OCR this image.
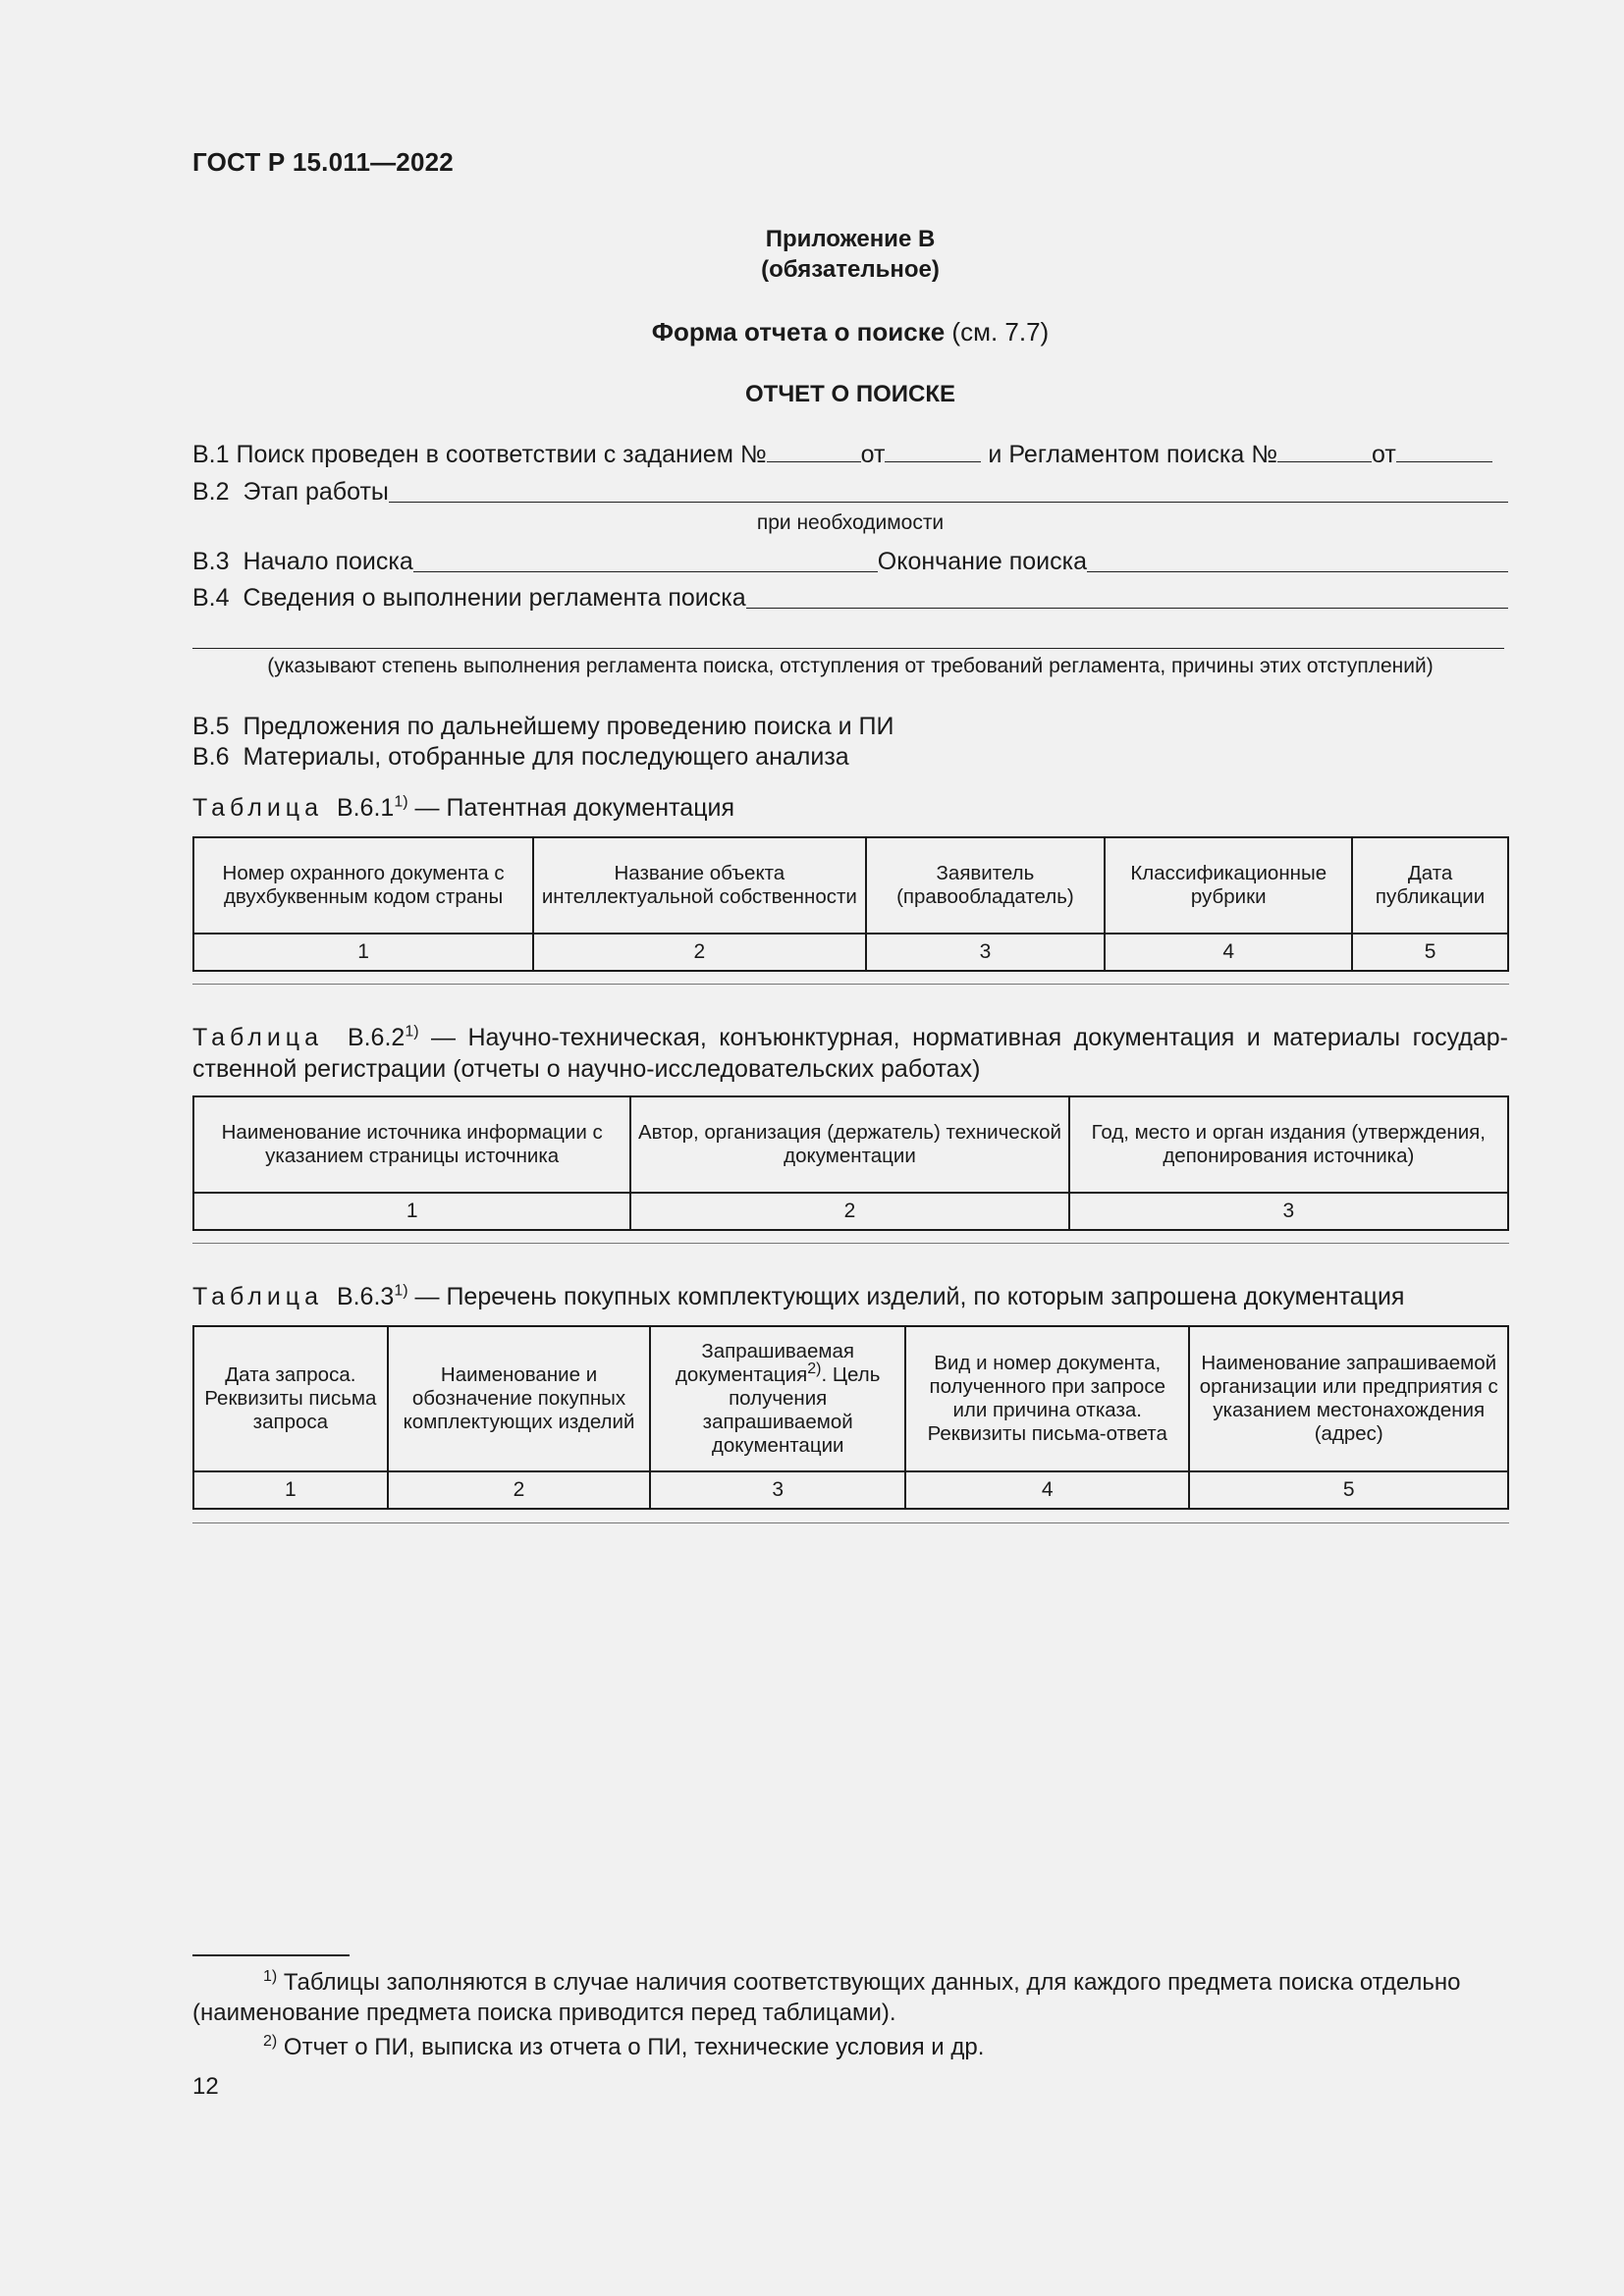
ГОСТ Р 15.011—2022
Приложение В
(обязательное)
Форма отчета о поиске (см. 7.7)
ОТЧЕТ О ПОИСКЕ
В.1 Поиск проведен в соответствии с заданием №	от	и Регламентом поиска №	от
В.2
Этап работы
при необходимости
В.3
Начало поиска	Окончание поиска
В.4
Сведения о выполнении регламента поиска
(указывают степень выполнения регламента поиска, отступления от требований регламента, причины этих отступлений)
В.5 Предложения по дальнейшему проведению поиска и ПИ
В.6 Материалы, отобранные для последующего анализа
Таблица В.6.1$^{1)}$ — Патентная документация
Номер охранного документа с двухбуквенным кодом страны	Название объекта интеллектуальной собственности	Заявитель (правообладатель)	Классификационные рубрики	Дата публикации
1	2	3	4	5
Таблица В.6.2$^{1)}$ — Научно-техническая, конъюнктурная, нормативная документация и материалы государ-
ственной регистрации (отчеты о научно-исследовательских работах)
Наименование источника информации с указанием страницы источника	Автор, организация (держатель) технической документации	Год, место и орган издания (утверждения, депонирования источника)
1	2	3
Таблица В.6.3$^{1)}$ — Перечень покупных комплектующих изделий, по которым запрошена документация
Дата запроса. Реквизиты письма запроса	Наименование и обозначение покупных комплектующих изделий	Запрашиваемая документация$^{2)}$. Цель получения запрашиваемой документации	Вид и номер документа, полученного при запросе или причина отказа. Реквизиты письма-ответа	Наименование запрашиваемой организации или предприятия с указанием местонахождения (адрес)
1	2	3	4	5
$^{1)}$ Таблицы заполняются в случае наличия соответствующих данных, для каждого предмета поиска отдельно
(наименование предмета поиска приводится перед таблицами).
$^{2)}$ Отчет о ПИ, выписка из отчета о ПИ, технические условия и др.
12
